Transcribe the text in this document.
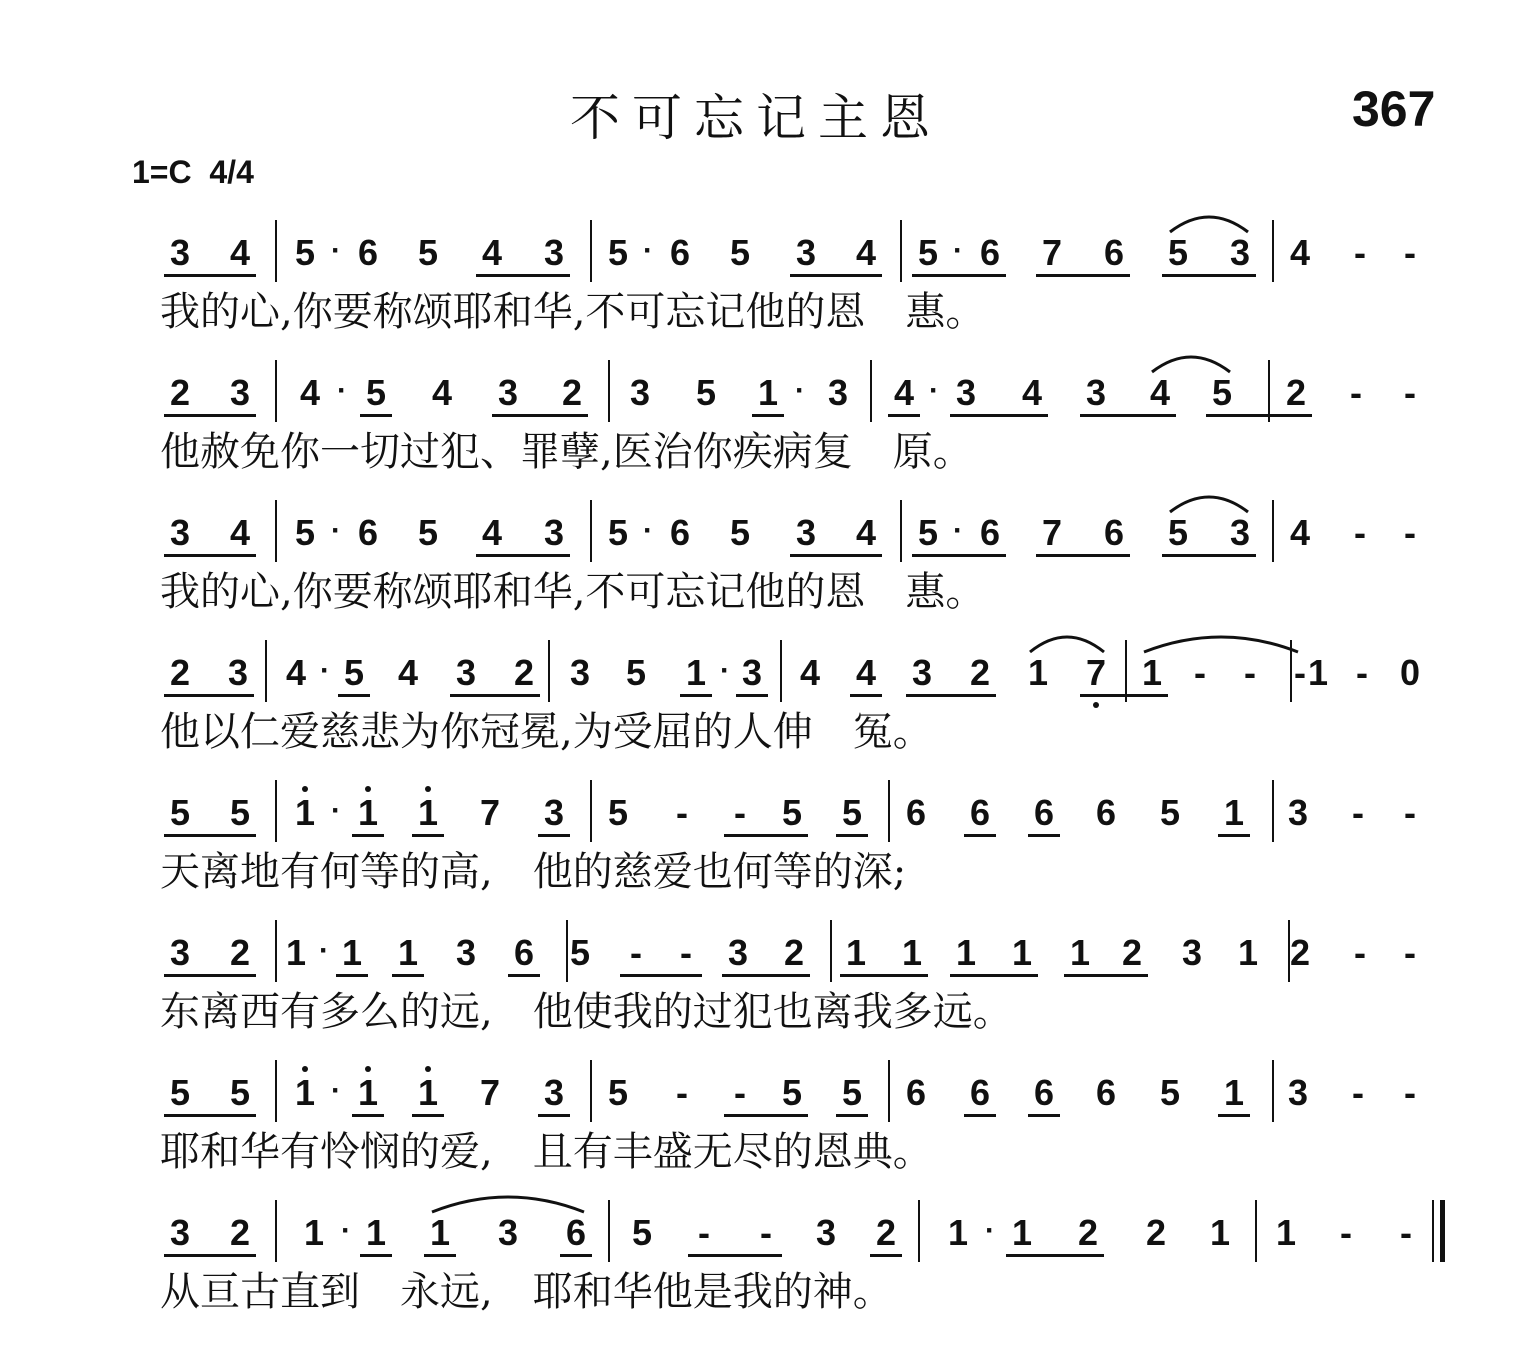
不可忘记主恩	367
1=C  4/4
3 4 5 6 5 4 3 5 6 5 3 4 5 6 7 6 5 3 4	-	-
·	·	·
我的心,你要称颂耶和华,不可忘记他的恩　惠。
2 3 4 5 4 3 2 3 5 1 3 4 3 4 3 4 5 2	-	-
·	·	·
他赦免你一切过犯、罪孽,医治你疾病复　原。
3 4 5 6 5 4 3 5 6 5 3 4 5 6 7 6 5 3 4	-	-
·	·	·
我的心,你要称颂耶和华,不可忘记他的恩　惠。
2 3 4 5 4 3 2 3 5 1 3 4 4 3 2 1 7 1 -	-	- 1 - 0
·	·
他以仁爱慈悲为你冠冕,为受屈的人伸　冤。
5 5 1 1 1 7 3 5	-	- 5 5 6 6 6 6 5 1 3	-	-
·
天离地有何等的高,　他的慈爱也何等的深;
3 2 1 1 1 3 6 5	-	- 3 2 1 1 1 1 1 2 3 1 2	-	-
·
东离西有多么的远,　他使我的过犯也离我多远。
5 5 1 1 1 7 3 5	-	- 5 5 6 6 6 6 5 1 3	-	-
·
耶和华有怜悯的爱,　且有丰盛无尽的恩典。
3 2 1 1 1 3 6 5	-	-	3 2 1 1 2 2 1 1	-	-
·	·
从亘古直到　永远,　耶和华他是我的神。
